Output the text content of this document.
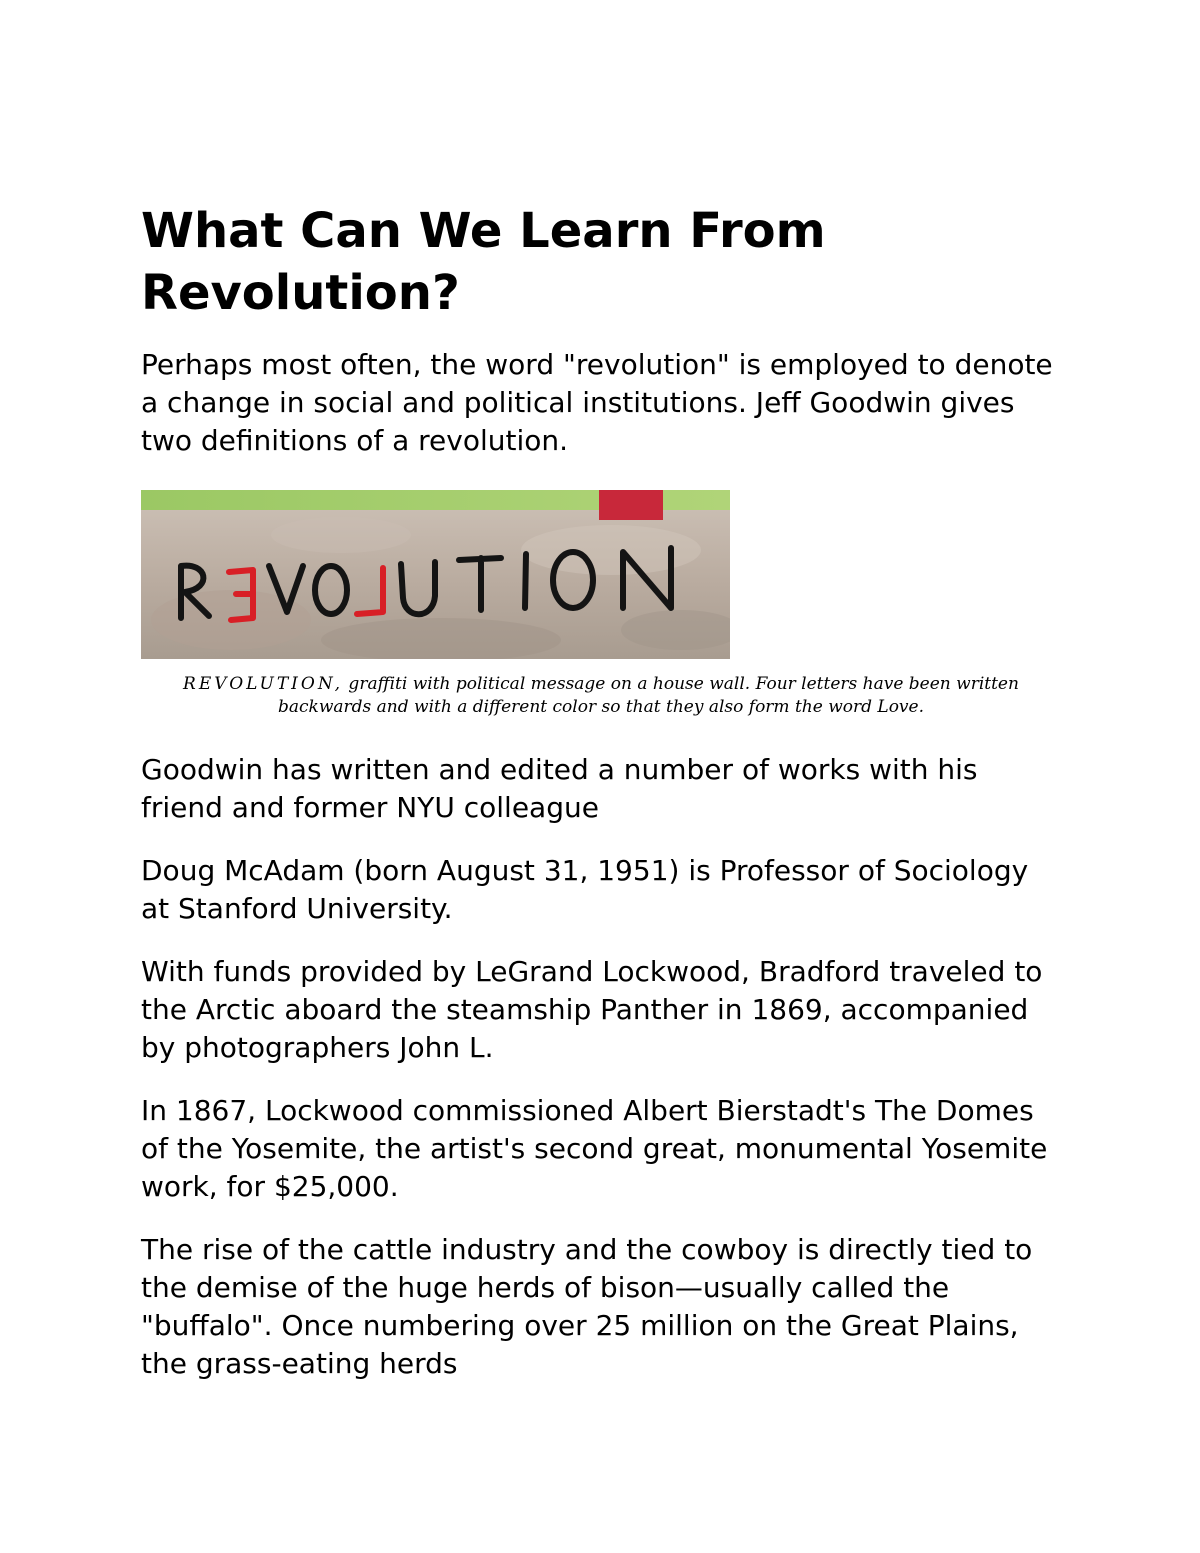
What Can We Learn From Revolution?

Perhaps most often, the word "revolution" is employed to denote a change in social and political institutions. Jeff Goodwin gives two definitions of a revolution.

REVOLUTION, graffiti with political message on a house wall. Four letters have been written backwards and with a different color so that they also form the word Love.

Goodwin has written and edited a number of works with his friend and former NYU colleague

Doug McAdam (born August 31, 1951) is Professor of Sociology at Stanford University.

With funds provided by LeGrand Lockwood, Bradford traveled to the Arctic aboard the steamship Panther in 1869, accompanied by photographers John L.

In 1867, Lockwood commissioned Albert Bierstadt's The Domes of the Yosemite, the artist's second great, monumental Yosemite work, for $25,000.

The rise of the cattle industry and the cowboy is directly tied to the demise of the huge herds of bison—usually called the "buffalo". Once numbering over 25 million on the Great Plains, the grass-eating herds
